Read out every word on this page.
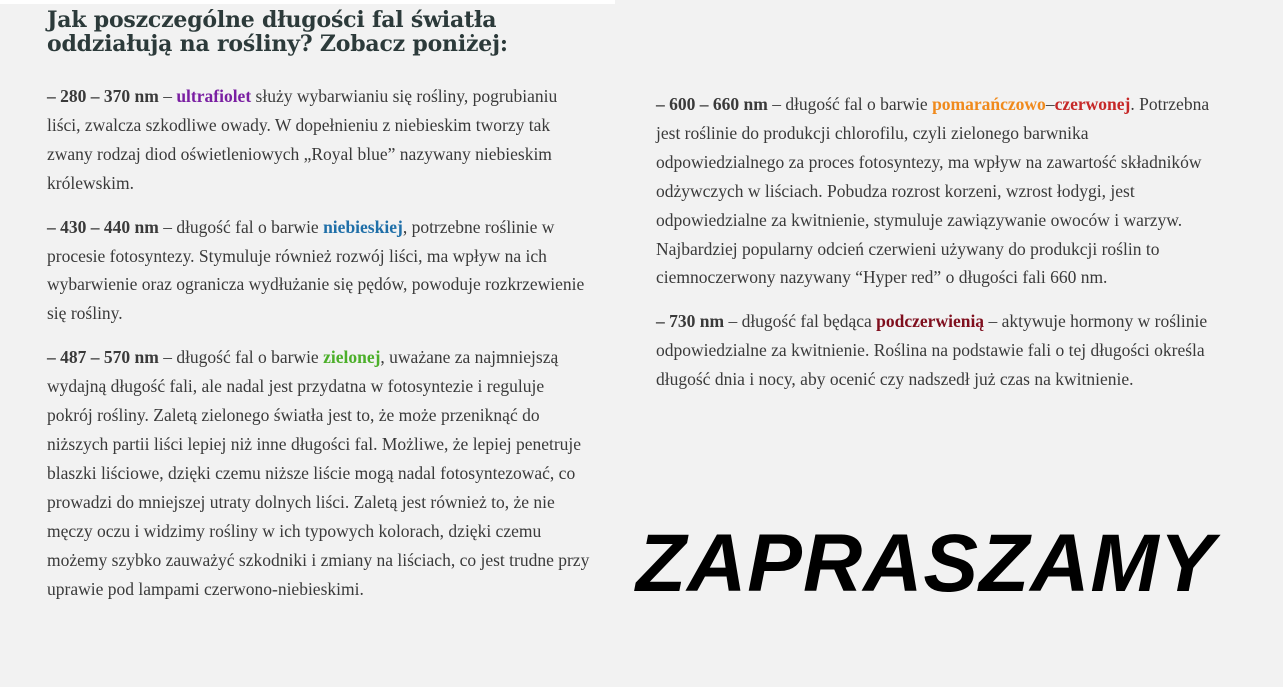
Jak poszczególne długości fal światła oddziałują na rośliny? Zobacz poniżej:

– 280 – 370 nm – ultrafiolet służy wybarwianiu się rośliny, pogrubianiu liści, zwalcza szkodliwe owady. W dopełnieniu z niebieskim tworzy tak zwany rodzaj diod oświetleniowych „Royal blue” nazywany niebieskim królewskim.

– 430 – 440 nm – długość fal o barwie niebieskiej, potrzebne roślinie w procesie fotosyntezy. Stymuluje również rozwój liści, ma wpływ na ich wybarwienie oraz ogranicza wydłużanie się pędów, powoduje rozkrzewienie się rośliny.

– 487 – 570 nm – długość fal o barwie zielonej, uważane za najmniejszą wydajną długość fali, ale nadal jest przydatna w fotosyntezie i reguluje pokrój rośliny. Zaletą zielonego światła jest to, że może przeniknąć do niższych partii liści lepiej niż inne długości fal. Możliwe, że lepiej penetruje blaszki liściowe, dzięki czemu niższe liście mogą nadal fotosyntezować, co prowadzi do mniejszej utraty dolnych liści. Zaletą jest również to, że nie męczy oczu i widzimy rośliny w ich typowych kolorach, dzięki czemu możemy szybko zauważyć szkodniki i zmiany na liściach, co jest trudne przy uprawie pod lampami czerwono-niebieskimi.

– 600 – 660 nm – długość fal o barwie pomarańczowo–czerwonej. Potrzebna jest roślinie do produkcji chlorofilu, czyli zielonego barwnika odpowiedzialnego za proces fotosyntezy, ma wpływ na zawartość składników odżywczych w liściach. Pobudza rozrost korzeni, wzrost łodygi, jest odpowiedzialne za kwitnienie, stymuluje zawiązywanie owoców i warzyw. Najbardziej popularny odcień czerwieni używany do produkcji roślin to ciemnoczerwony nazywany “Hyper red” o długości fali 660 nm.

– 730 nm – długość fal będąca podczerwienią – aktywuje hormony w roślinie odpowiedzialne za kwitnienie. Roślina na podstawie fali o tej długości określa długość dnia i nocy, aby ocenić czy nadszedł już czas na kwitnienie.

ZAPRASZAMY
